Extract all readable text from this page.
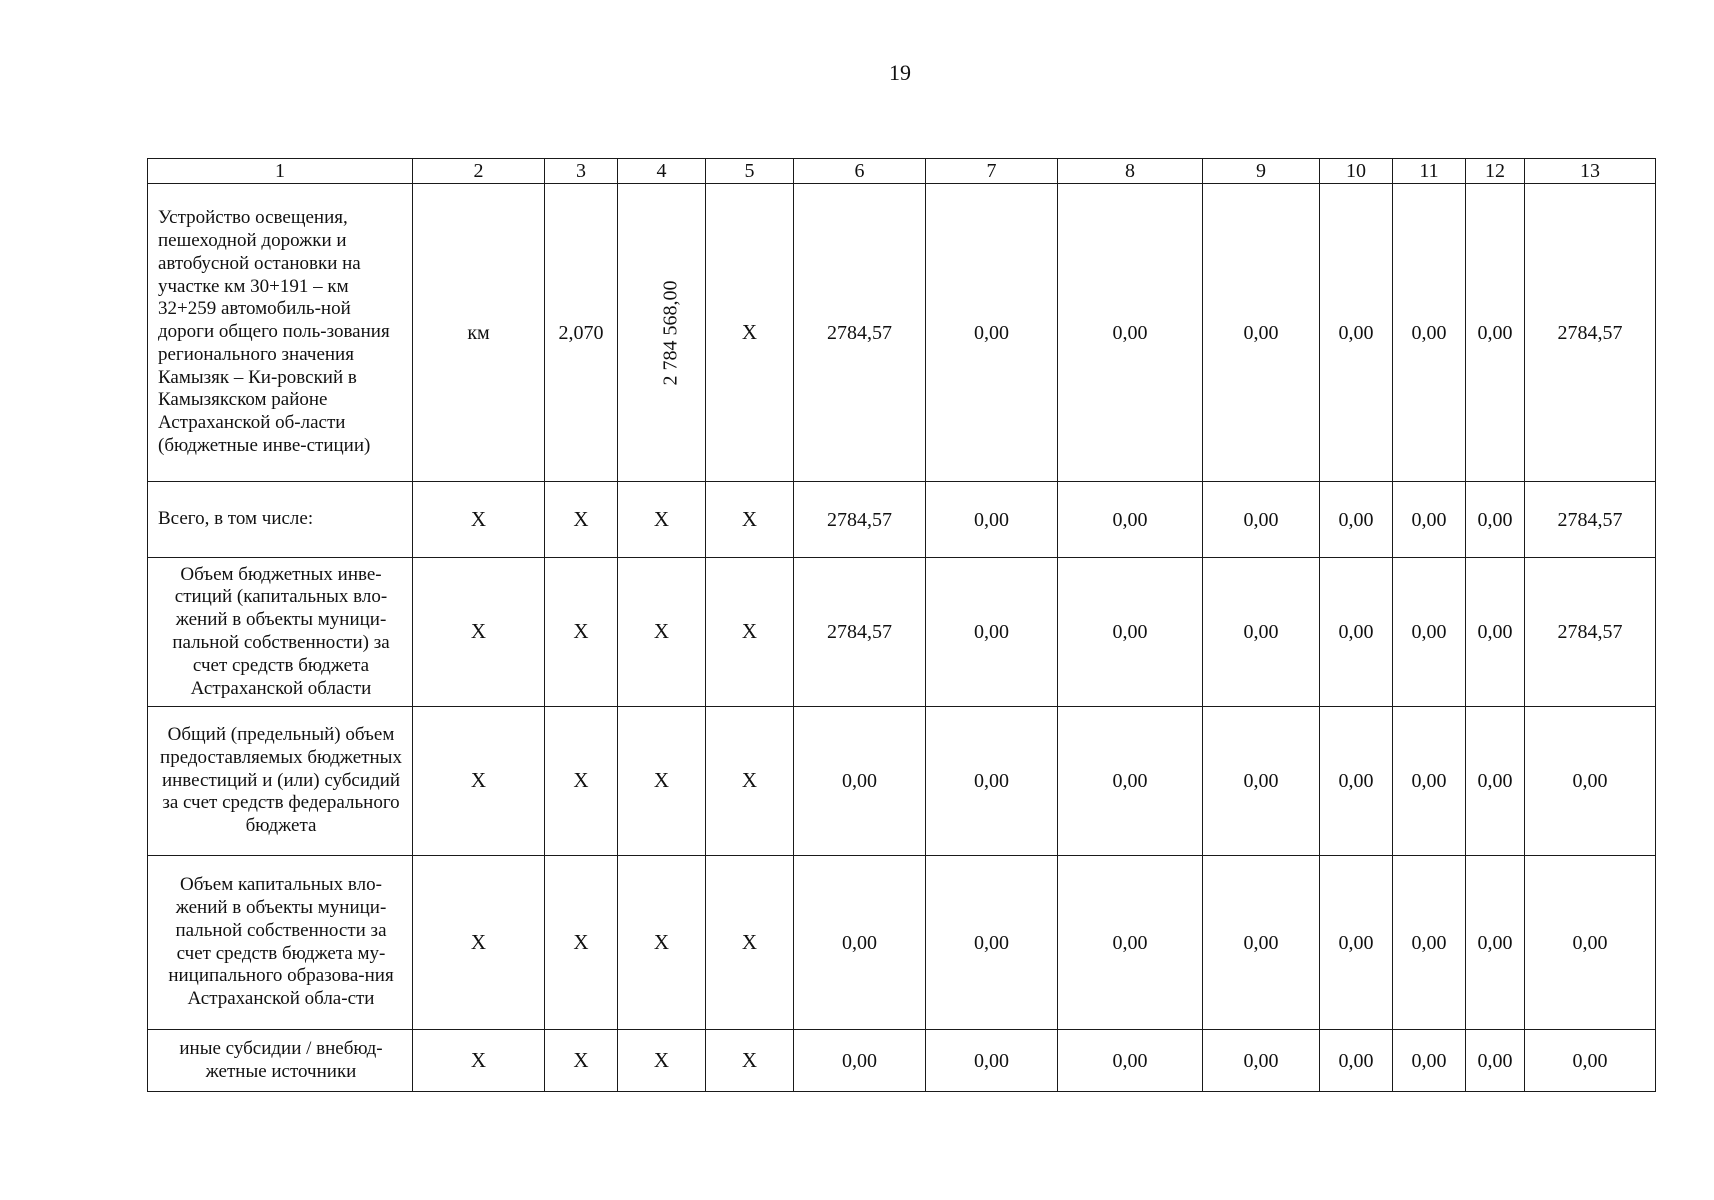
19
1	2	3	4	5	6	7	8	9	10	11	12	13
Устройство освещения, пешеходной дорожки и автобусной остановки на участке км 30+191 – км 32+259 автомобиль-ной дороги общего поль-зования регионального значения Камызяк – Ки-ровский в Камызякском районе Астраханской об-ласти (бюджетные инве-стиции)	км	2,070	2 784 568,00	Х	2784,57	0,00	0,00	0,00	0,00	0,00	0,00	2784,57
Всего, в том числе:	Х	Х	Х	Х	2784,57	0,00	0,00	0,00	0,00	0,00	0,00	2784,57
Объем бюджетных инве-стиций (капитальных вло-жений в объекты муници-пальной собственности) за счет средств бюджета Астраханской области	Х	Х	Х	Х	2784,57	0,00	0,00	0,00	0,00	0,00	0,00	2784,57
Общий (предельный) объем предоставляемых бюджетных инвестиций и (или) субсидий за счет средств федерального бюджета	Х	Х	Х	Х	0,00	0,00	0,00	0,00	0,00	0,00	0,00	0,00
Объем капитальных вло-жений в объекты муници-пальной собственности за счет средств бюджета му-ниципального образова-ния Астраханской обла-сти	Х	Х	Х	Х	0,00	0,00	0,00	0,00	0,00	0,00	0,00	0,00
иные субсидии / внебюд-жетные источники	Х	Х	Х	Х	0,00	0,00	0,00	0,00	0,00	0,00	0,00	0,00
